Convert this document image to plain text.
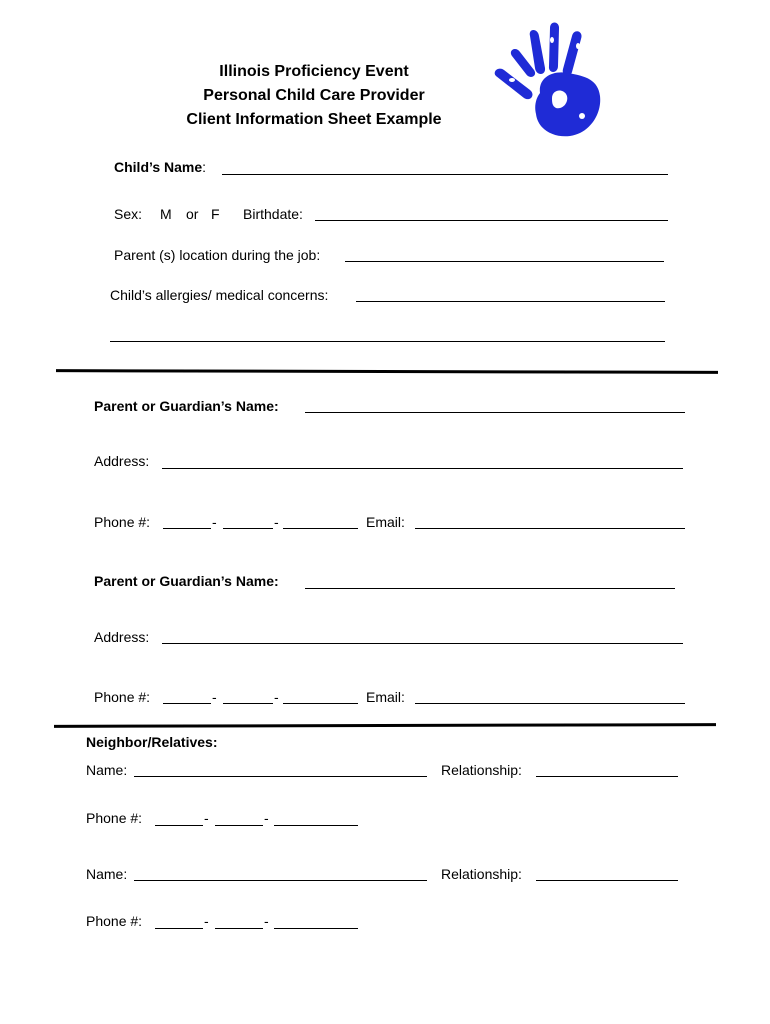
Illinois Proficiency Event
Personal Child Care Provider
Client Information Sheet Example
Child’s Name:
Sex: M or F Birthdate:
Parent (s) location during the job:
Child’s allergies/ medical concerns:
Parent or Guardian’s Name:
Address:
Phone #:	-	-	Email:
Parent or Guardian’s Name:
Address:
Phone #:	-	-	Email:
Neighbor/Relatives:
Name:	Relationship:
Phone #:	-	-
Name:	Relationship:
Phone #:	-	-
